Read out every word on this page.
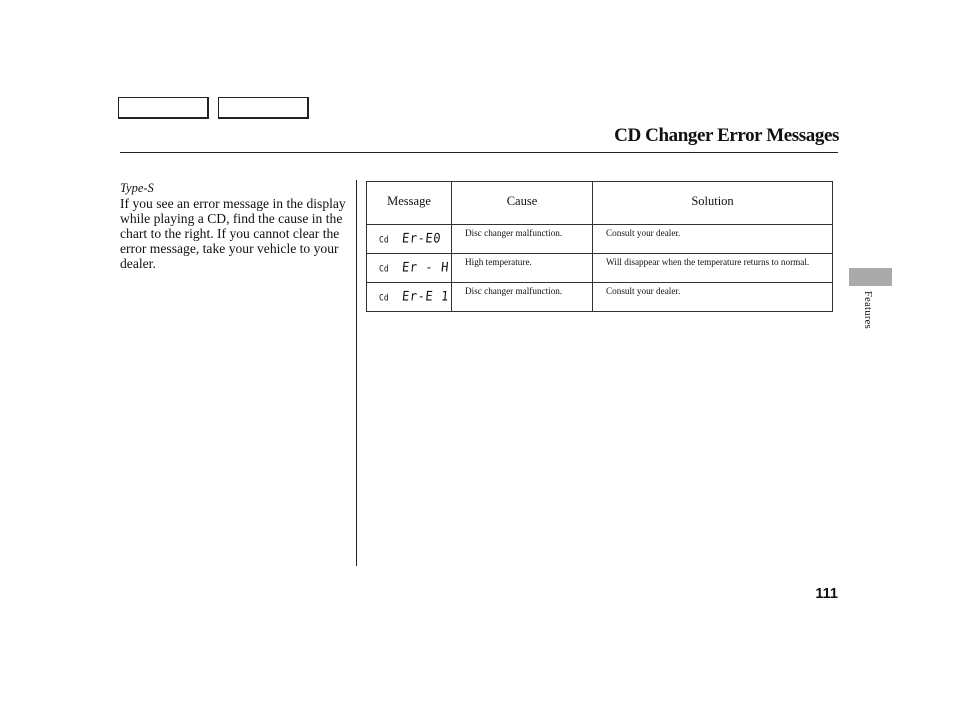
CD Changer Error Messages
Type-S
If you see an error message in the display while playing a CD, find the cause in the chart to the right. If you cannot clear the error message, take your vehicle to your dealer.
Message	Cause	Solution

Cd Er-E0	Disc changer malfunction.	Consult your dealer.

Cd Er - H	High temperature.	Will disappear when the temperature returns to normal.

Cd Er-E 1	Disc changer malfunction.	Consult your dealer.	Features
111
